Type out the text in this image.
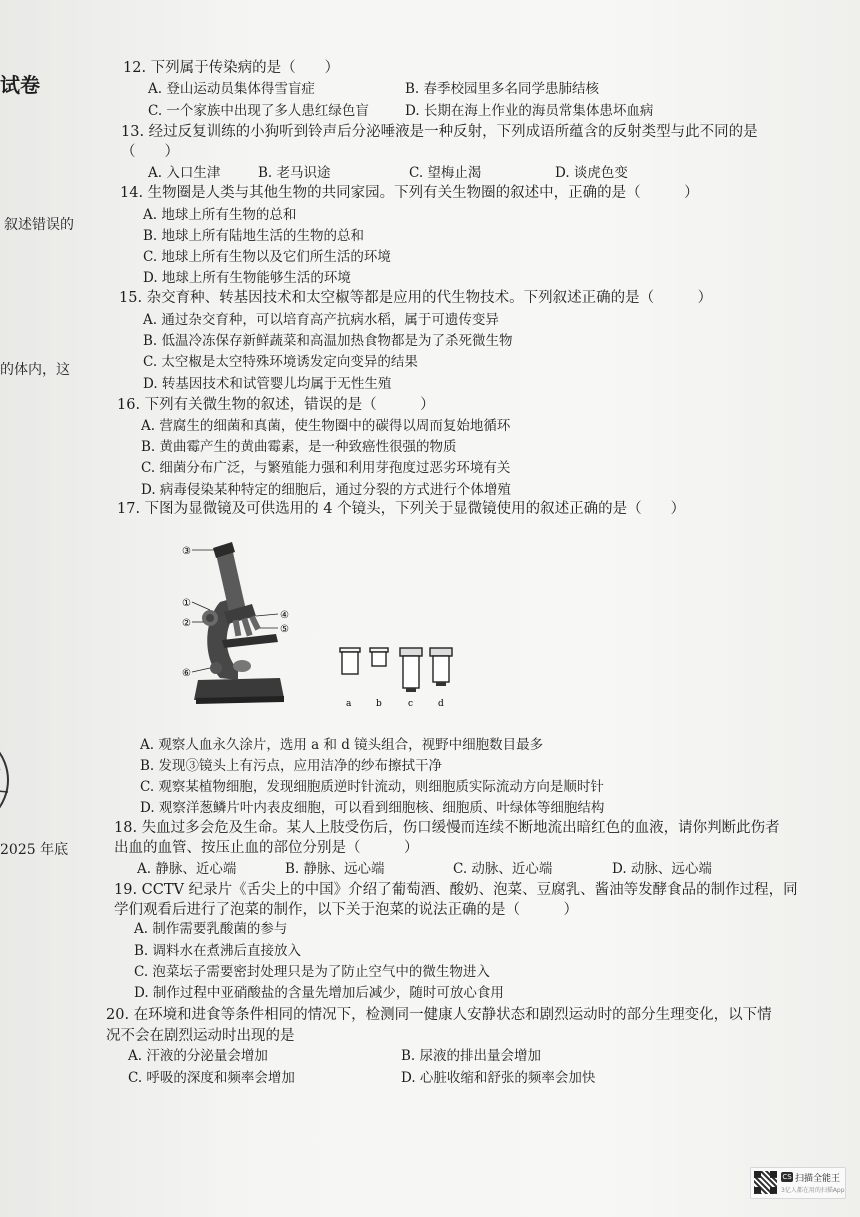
试卷
叙述错误的
的体内，这
2025 年底
12. 下列属于传染病的是（　　）
A. 登山运动员集体得雪盲症	B. 春季校园里多名同学患肺结核
C. 一个家族中出现了多人患红绿色盲	D. 长期在海上作业的海员常集体患坏血病
13. 经过反复训练的小狗听到铃声后分泌唾液是一种反射，下列成语所蕴含的反射类型与此不同的是
（　　）
A. 入口生津	B. 老马识途	C. 望梅止渴	D. 谈虎色变
14. 生物圈是人类与其他生物的共同家园。下列有关生物圈的叙述中，正确的是（　　　）
A. 地球上所有生物的总和
B. 地球上所有陆地生活的生物的总和
C. 地球上所有生物以及它们所生活的环境
D. 地球上所有生物能够生活的环境
15. 杂交育种、转基因技术和太空椒等都是应用的代生物技术。下列叙述正确的是（　　　）
A. 通过杂交育种，可以培育高产抗病水稻，属于可遗传变异
B. 低温冷冻保存新鲜蔬菜和高温加热食物都是为了杀死微生物
C. 太空椒是太空特殊环境诱发定向变异的结果
D. 转基因技术和试管婴儿均属于无性生殖
16. 下列有关微生物的叙述，错误的是（　　　）
A. 营腐生的细菌和真菌，使生物圈中的碳得以周而复始地循环
B. 黄曲霉产生的黄曲霉素，是一种致癌性很强的物质
C. 细菌分布广泛，与繁殖能力强和利用芽孢度过恶劣环境有关
D. 病毒侵染某种特定的细胞后，通过分裂的方式进行个体增殖
17. 下图为显微镜及可供选用的 4 个镜头，下列关于显微镜使用的叙述正确的是（　　）
③
①
②
④
⑤
⑥
a	b	c	d
A. 观察人血永久涂片，选用 a 和 d 镜头组合，视野中细胞数目最多
B. 发现③镜头上有污点，应用洁净的纱布擦拭干净
C. 观察某植物细胞，发现细胞质逆时针流动，则细胞质实际流动方向是顺时针
D. 观察洋葱鳞片叶内表皮细胞，可以看到细胞核、细胞质、叶绿体等细胞结构
18. 失血过多会危及生命。某人上肢受伤后，伤口缓慢而连续不断地流出暗红色的血液，请你判断此伤者
出血的血管、按压止血的部位分别是（　　　）
A. 静脉、近心端	B. 静脉、远心端	C. 动脉、近心端	D. 动脉、远心端
19. CCTV 纪录片《舌尖上的中国》介绍了葡萄酒、酸奶、泡菜、豆腐乳、酱油等发酵食品的制作过程，同
学们观看后进行了泡菜的制作，以下关于泡菜的说法正确的是（　　　）
A. 制作需要乳酸菌的参与
B. 调料水在煮沸后直接放入
C. 泡菜坛子需要密封处理只是为了防止空气中的微生物进入
D. 制作过程中亚硝酸盐的含量先增加后减少，随时可放心食用
20. 在环境和进食等条件相同的情况下，检测同一健康人安静状态和剧烈运动时的部分生理变化，以下情
况不会在剧烈运动时出现的是
A. 汗液的分泌量会增加	B. 尿液的排出量会增加
C. 呼吸的深度和频率会增加	D. 心脏收缩和舒张的频率会加快
CS 扫描全能王
3亿人都在用的扫描App
